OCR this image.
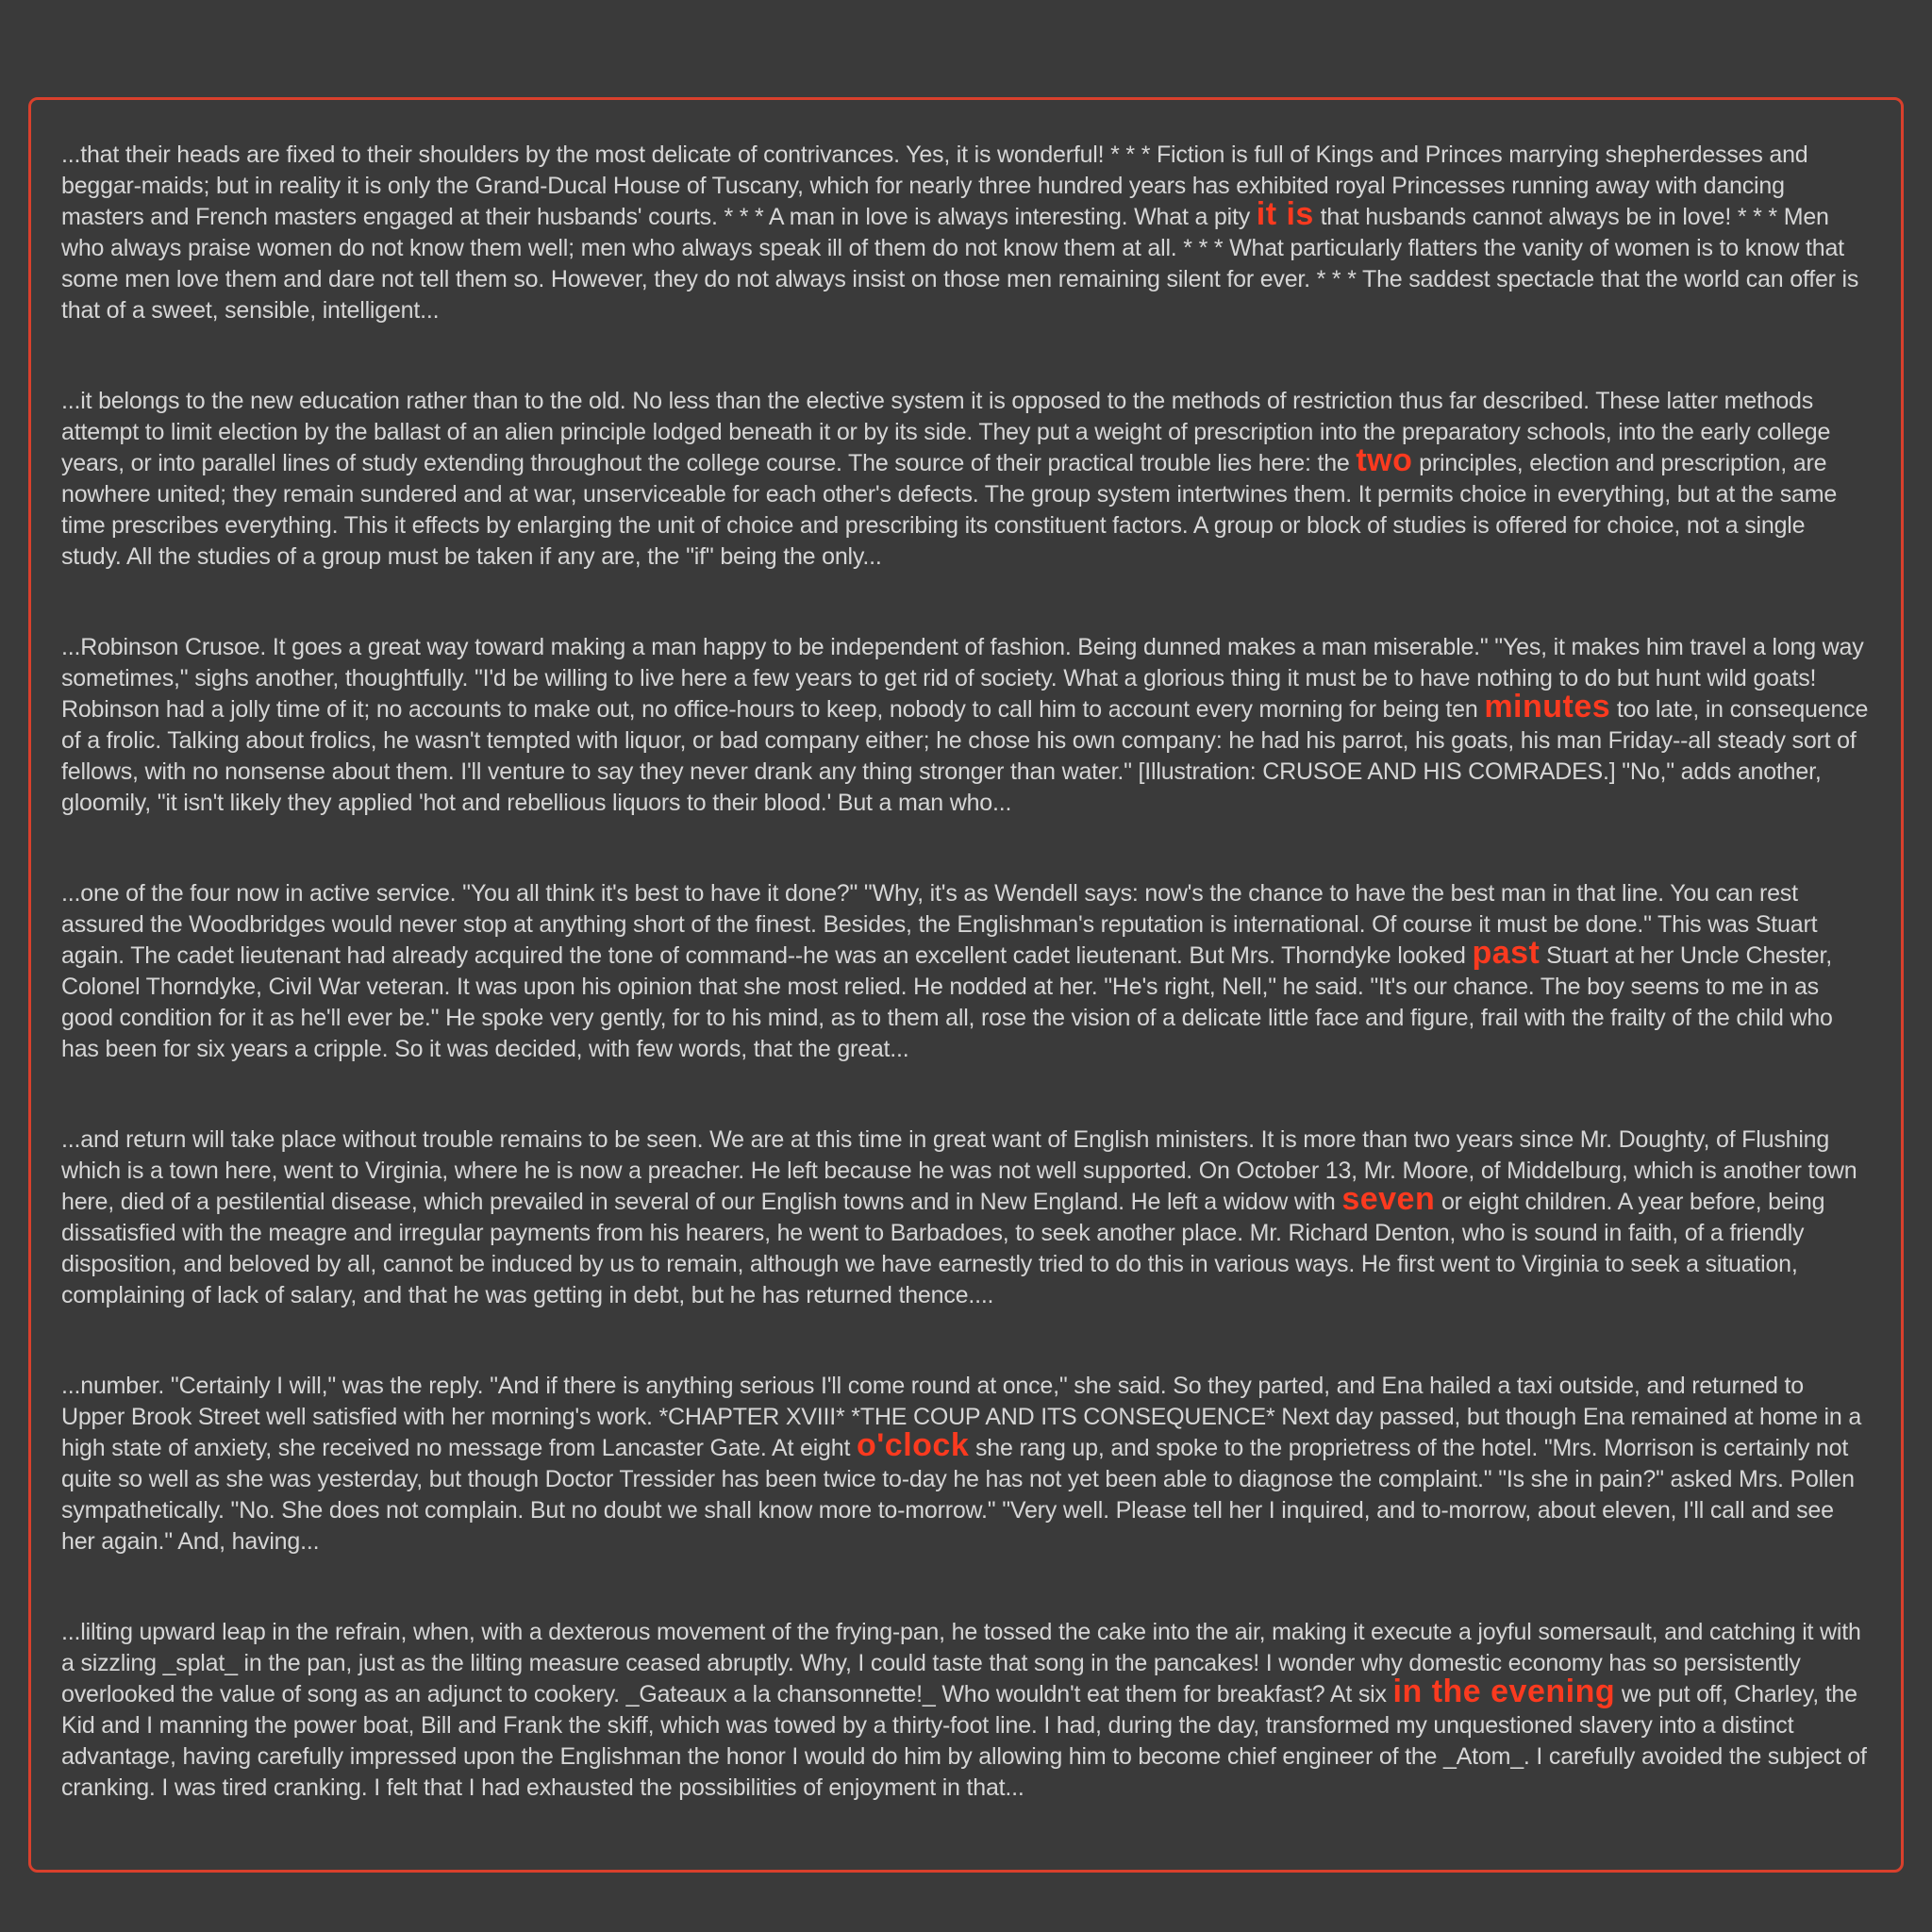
...that their heads are fixed to their shoulders by the most delicate of contrivances. Yes, it is wonderful! * * * Fiction is full of Kings and Princes marrying shepherdesses and beggar-maids; but in reality it is only the Grand-Ducal House of Tuscany, which for nearly three hundred years has exhibited royal Princesses running away with dancing masters and French masters engaged at their husbands' courts. * * * A man in love is always interesting. What a pity it is that husbands cannot always be in love! * * * Men who always praise women do not know them well; men who always speak ill of them do not know them at all. * * * What particularly flatters the vanity of women is to know that some men love them and dare not tell them so. However, they do not always insist on those men remaining silent for ever. * * * The saddest spectacle that the world can offer is that of a sweet, sensible, intelligent...

...it belongs to the new education rather than to the old. No less than the elective system it is opposed to the methods of restriction thus far described. These latter methods attempt to limit election by the ballast of an alien principle lodged beneath it or by its side. They put a weight of prescription into the preparatory schools, into the early college years, or into parallel lines of study extending throughout the college course. The source of their practical trouble lies here: the two principles, election and prescription, are nowhere united; they remain sundered and at war, unserviceable for each other's defects. The group system intertwines them. It permits choice in everything, but at the same time prescribes everything. This it effects by enlarging the unit of choice and prescribing its constituent factors. A group or block of studies is offered for choice, not a single study. All the studies of a group must be taken if any are, the "if" being the only...

...Robinson Crusoe. It goes a great way toward making a man happy to be independent of fashion. Being dunned makes a man miserable." "Yes, it makes him travel a long way sometimes," sighs another, thoughtfully. "I'd be willing to live here a few years to get rid of society. What a glorious thing it must be to have nothing to do but hunt wild goats! Robinson had a jolly time of it; no accounts to make out, no office-hours to keep, nobody to call him to account every morning for being ten minutes too late, in consequence of a frolic. Talking about frolics, he wasn't tempted with liquor, or bad company either; he chose his own company: he had his parrot, his goats, his man Friday--all steady sort of fellows, with no nonsense about them. I'll venture to say they never drank any thing stronger than water." [Illustration: CRUSOE AND HIS COMRADES.] "No," adds another, gloomily, "it isn't likely they applied 'hot and rebellious liquors to their blood.' But a man who...

...one of the four now in active service. "You all think it's best to have it done?" "Why, it's as Wendell says: now's the chance to have the best man in that line. You can rest assured the Woodbridges would never stop at anything short of the finest. Besides, the Englishman's reputation is international. Of course it must be done." This was Stuart again. The cadet lieutenant had already acquired the tone of command--he was an excellent cadet lieutenant. But Mrs. Thorndyke looked past Stuart at her Uncle Chester, Colonel Thorndyke, Civil War veteran. It was upon his opinion that she most relied. He nodded at her. "He's right, Nell," he said. "It's our chance. The boy seems to me in as good condition for it as he'll ever be." He spoke very gently, for to his mind, as to them all, rose the vision of a delicate little face and figure, frail with the frailty of the child who has been for six years a cripple. So it was decided, with few words, that the great...

...and return will take place without trouble remains to be seen. We are at this time in great want of English ministers. It is more than two years since Mr. Doughty, of Flushing which is a town here, went to Virginia, where he is now a preacher. He left because he was not well supported. On October 13, Mr. Moore, of Middelburg, which is another town here, died of a pestilential disease, which prevailed in several of our English towns and in New England. He left a widow with seven or eight children. A year before, being dissatisfied with the meagre and irregular payments from his hearers, he went to Barbadoes, to seek another place. Mr. Richard Denton, who is sound in faith, of a friendly disposition, and beloved by all, cannot be induced by us to remain, although we have earnestly tried to do this in various ways. He first went to Virginia to seek a situation, complaining of lack of salary, and that he was getting in debt, but he has returned thence....

...number. "Certainly I will," was the reply. "And if there is anything serious I'll come round at once," she said. So they parted, and Ena hailed a taxi outside, and returned to Upper Brook Street well satisfied with her morning's work. *CHAPTER XVIII* *THE COUP AND ITS CONSEQUENCE* Next day passed, but though Ena remained at home in a high state of anxiety, she received no message from Lancaster Gate. At eight o'clock she rang up, and spoke to the proprietress of the hotel. "Mrs. Morrison is certainly not quite so well as she was yesterday, but though Doctor Tressider has been twice to-day he has not yet been able to diagnose the complaint." "Is she in pain?" asked Mrs. Pollen sympathetically. "No. She does not complain. But no doubt we shall know more to-morrow." "Very well. Please tell her I inquired, and to-morrow, about eleven, I'll call and see her again." And, having...

...lilting upward leap in the refrain, when, with a dexterous movement of the frying-pan, he tossed the cake into the air, making it execute a joyful somersault, and catching it with a sizzling _splat_ in the pan, just as the lilting measure ceased abruptly. Why, I could taste that song in the pancakes! I wonder why domestic economy has so persistently overlooked the value of song as an adjunct to cookery. _Gateaux a la chansonnette!_ Who wouldn't eat them for breakfast? At six in the evening we put off, Charley, the Kid and I manning the power boat, Bill and Frank the skiff, which was towed by a thirty-foot line. I had, during the day, transformed my unquestioned slavery into a distinct advantage, having carefully impressed upon the Englishman the honor I would do him by allowing him to become chief engineer of the _Atom_. I carefully avoided the subject of cranking. I was tired cranking. I felt that I had exhausted the possibilities of enjoyment in that...
